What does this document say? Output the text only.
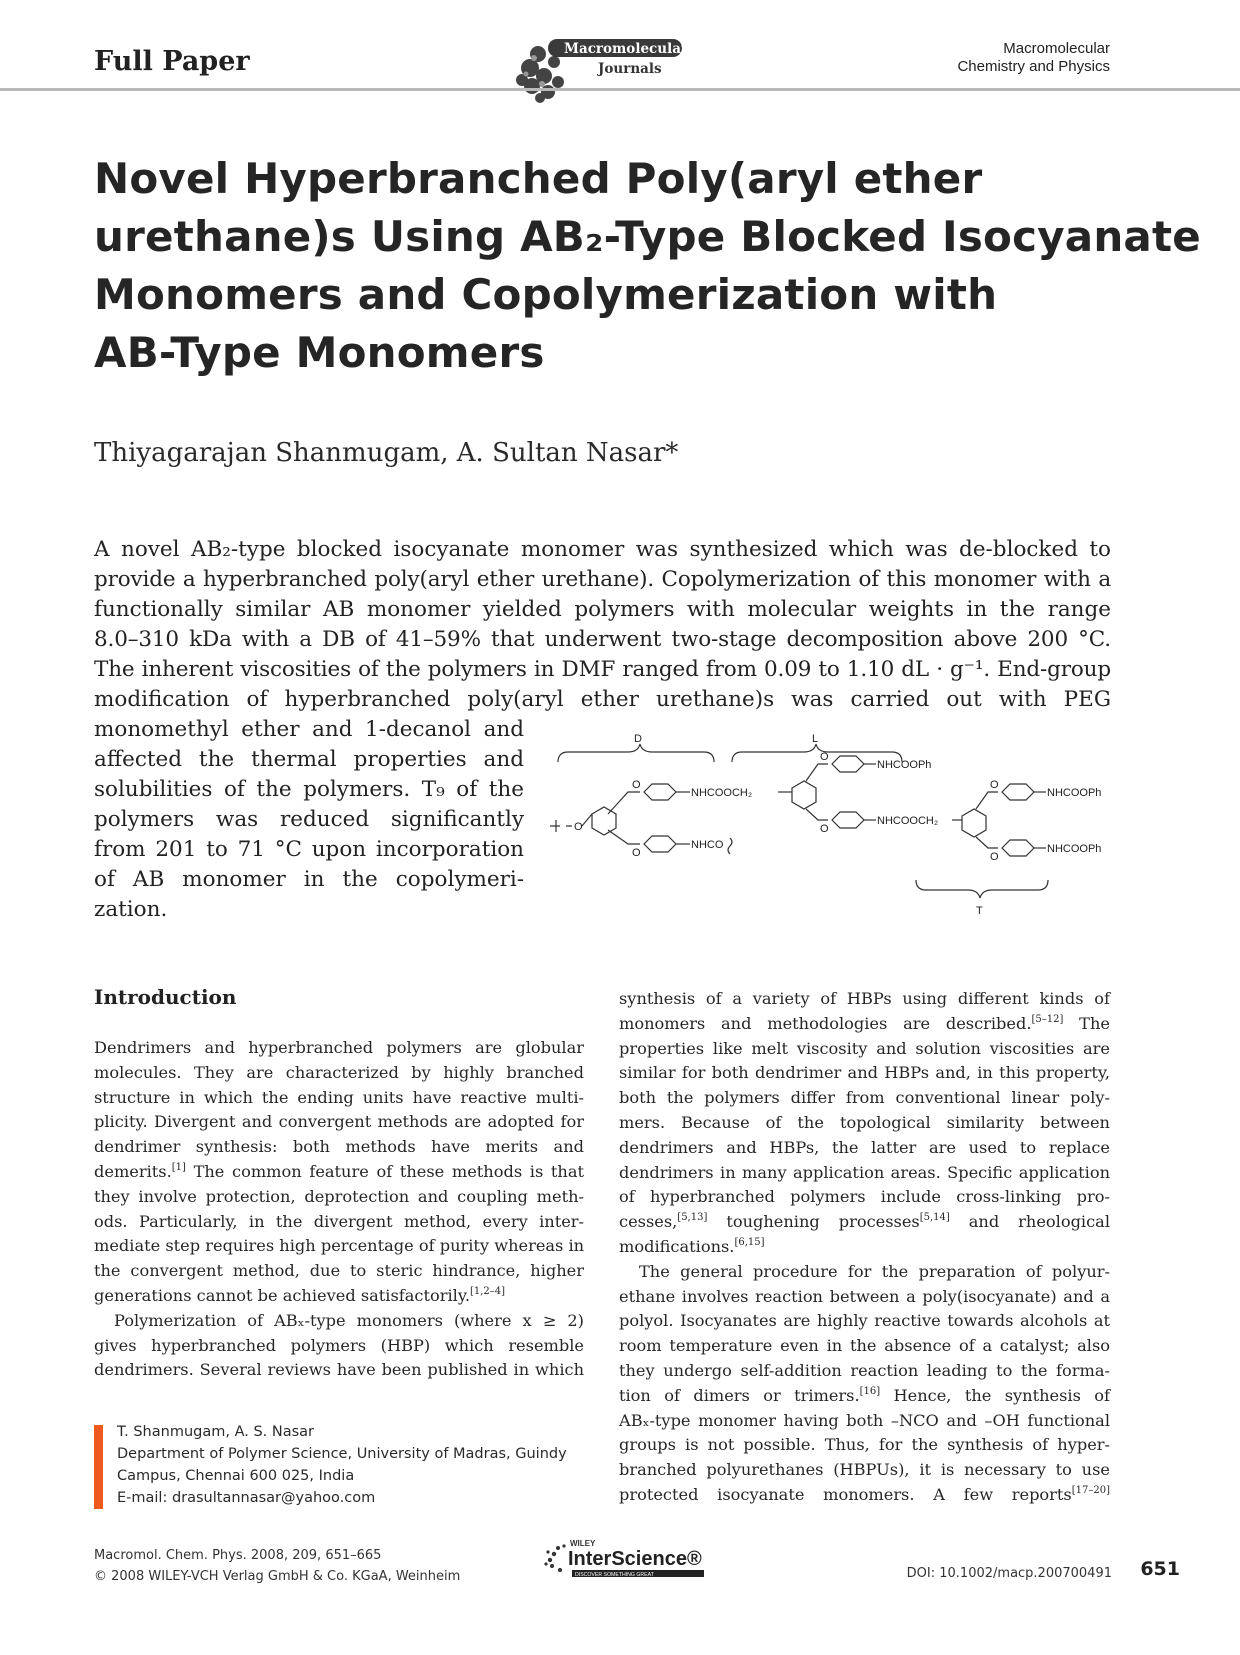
Full Paper	Macromolecular
Journals
Macromolecular
Chemistry and Physics
Novel Hyperbranched Poly(aryl ether
urethane)s Using AB₂-Type Blocked Isocyanate
Monomers and Copolymerization with
AB-Type Monomers
Thiyagarajan Shanmugam, A. Sultan Nasar*
A novel AB₂-type blocked isocyanate monomer was synthesized which was de-blocked to
provide a hyperbranched poly(aryl ether urethane). Copolymerization of this monomer with a
functionally similar AB monomer yielded polymers with molecular weights in the range
8.0–310 kDa with a DB of 41–59% that underwent two-stage decomposition above 200 °C.
The inherent viscosities of the polymers in DMF ranged from 0.09 to 1.10 dL · g⁻¹. End-group
modification of hyperbranched poly(aryl ether urethane)s was carried out with PEG
monomethyl ether and 1-decanol and
affected the thermal properties and
solubilities of the polymers. T₉ of the
polymers was reduced significantly
from 201 to 71 °C upon incorporation
of AB monomer in the copolymeri-
zation.
D	L
T
O
O
O
NHCOOCH₂
NHCO
O
O
NHCOOPh
NHCOOCH₂
O
O
NHCOOPh
NHCOOPh
Introduction
Dendrimers and hyperbranched polymers are globular
molecules. They are characterized by highly branched
structure in which the ending units have reactive multi-
plicity. Divergent and convergent methods are adopted for
dendrimer synthesis: both methods have merits and
demerits.[1] The common feature of these methods is that
they involve protection, deprotection and coupling meth-
ods. Particularly, in the divergent method, every inter-
mediate step requires high percentage of purity whereas in
the convergent method, due to steric hindrance, higher
generations cannot be achieved satisfactorily.[1,2–4]
Polymerization of ABₓ-type monomers (where x ≥ 2)
gives hyperbranched polymers (HBP) which resemble
dendrimers. Several reviews have been published in which
synthesis of a variety of HBPs using different kinds of
monomers and methodologies are described.[5–12] The
properties like melt viscosity and solution viscosities are
similar for both dendrimer and HBPs and, in this property,
both the polymers differ from conventional linear poly-
mers. Because of the topological similarity between
dendrimers and HBPs, the latter are used to replace
dendrimers in many application areas. Specific application
of hyperbranched polymers include cross-linking pro-
cesses,[5,13] toughening processes[5,14] and rheological
modifications.[6,15]
The general procedure for the preparation of polyur-
ethane involves reaction between a poly(isocyanate) and a
polyol. Isocyanates are highly reactive towards alcohols at
room temperature even in the absence of a catalyst; also
they undergo self-addition reaction leading to the forma-
tion of dimers or trimers.[16] Hence, the synthesis of
ABₓ-type monomer having both –NCO and –OH functional
groups is not possible. Thus, for the synthesis of hyper-
branched polyurethanes (HBPUs), it is necessary to use
protected isocyanate monomers. A few reports[17–20]
T. Shanmugam, A. S. Nasar
Department of Polymer Science, University of Madras, Guindy
Campus, Chennai 600 025, India
E-mail: drasultannasar@yahoo.com
Macromol. Chem. Phys. 2008, 209, 651–665
© 2008 WILEY-VCH Verlag GmbH & Co. KGaA, Weinheim
WILEY
InterScience®
DISCOVER SOMETHING GREAT	DOI: 10.1002/macp.200700491 651
